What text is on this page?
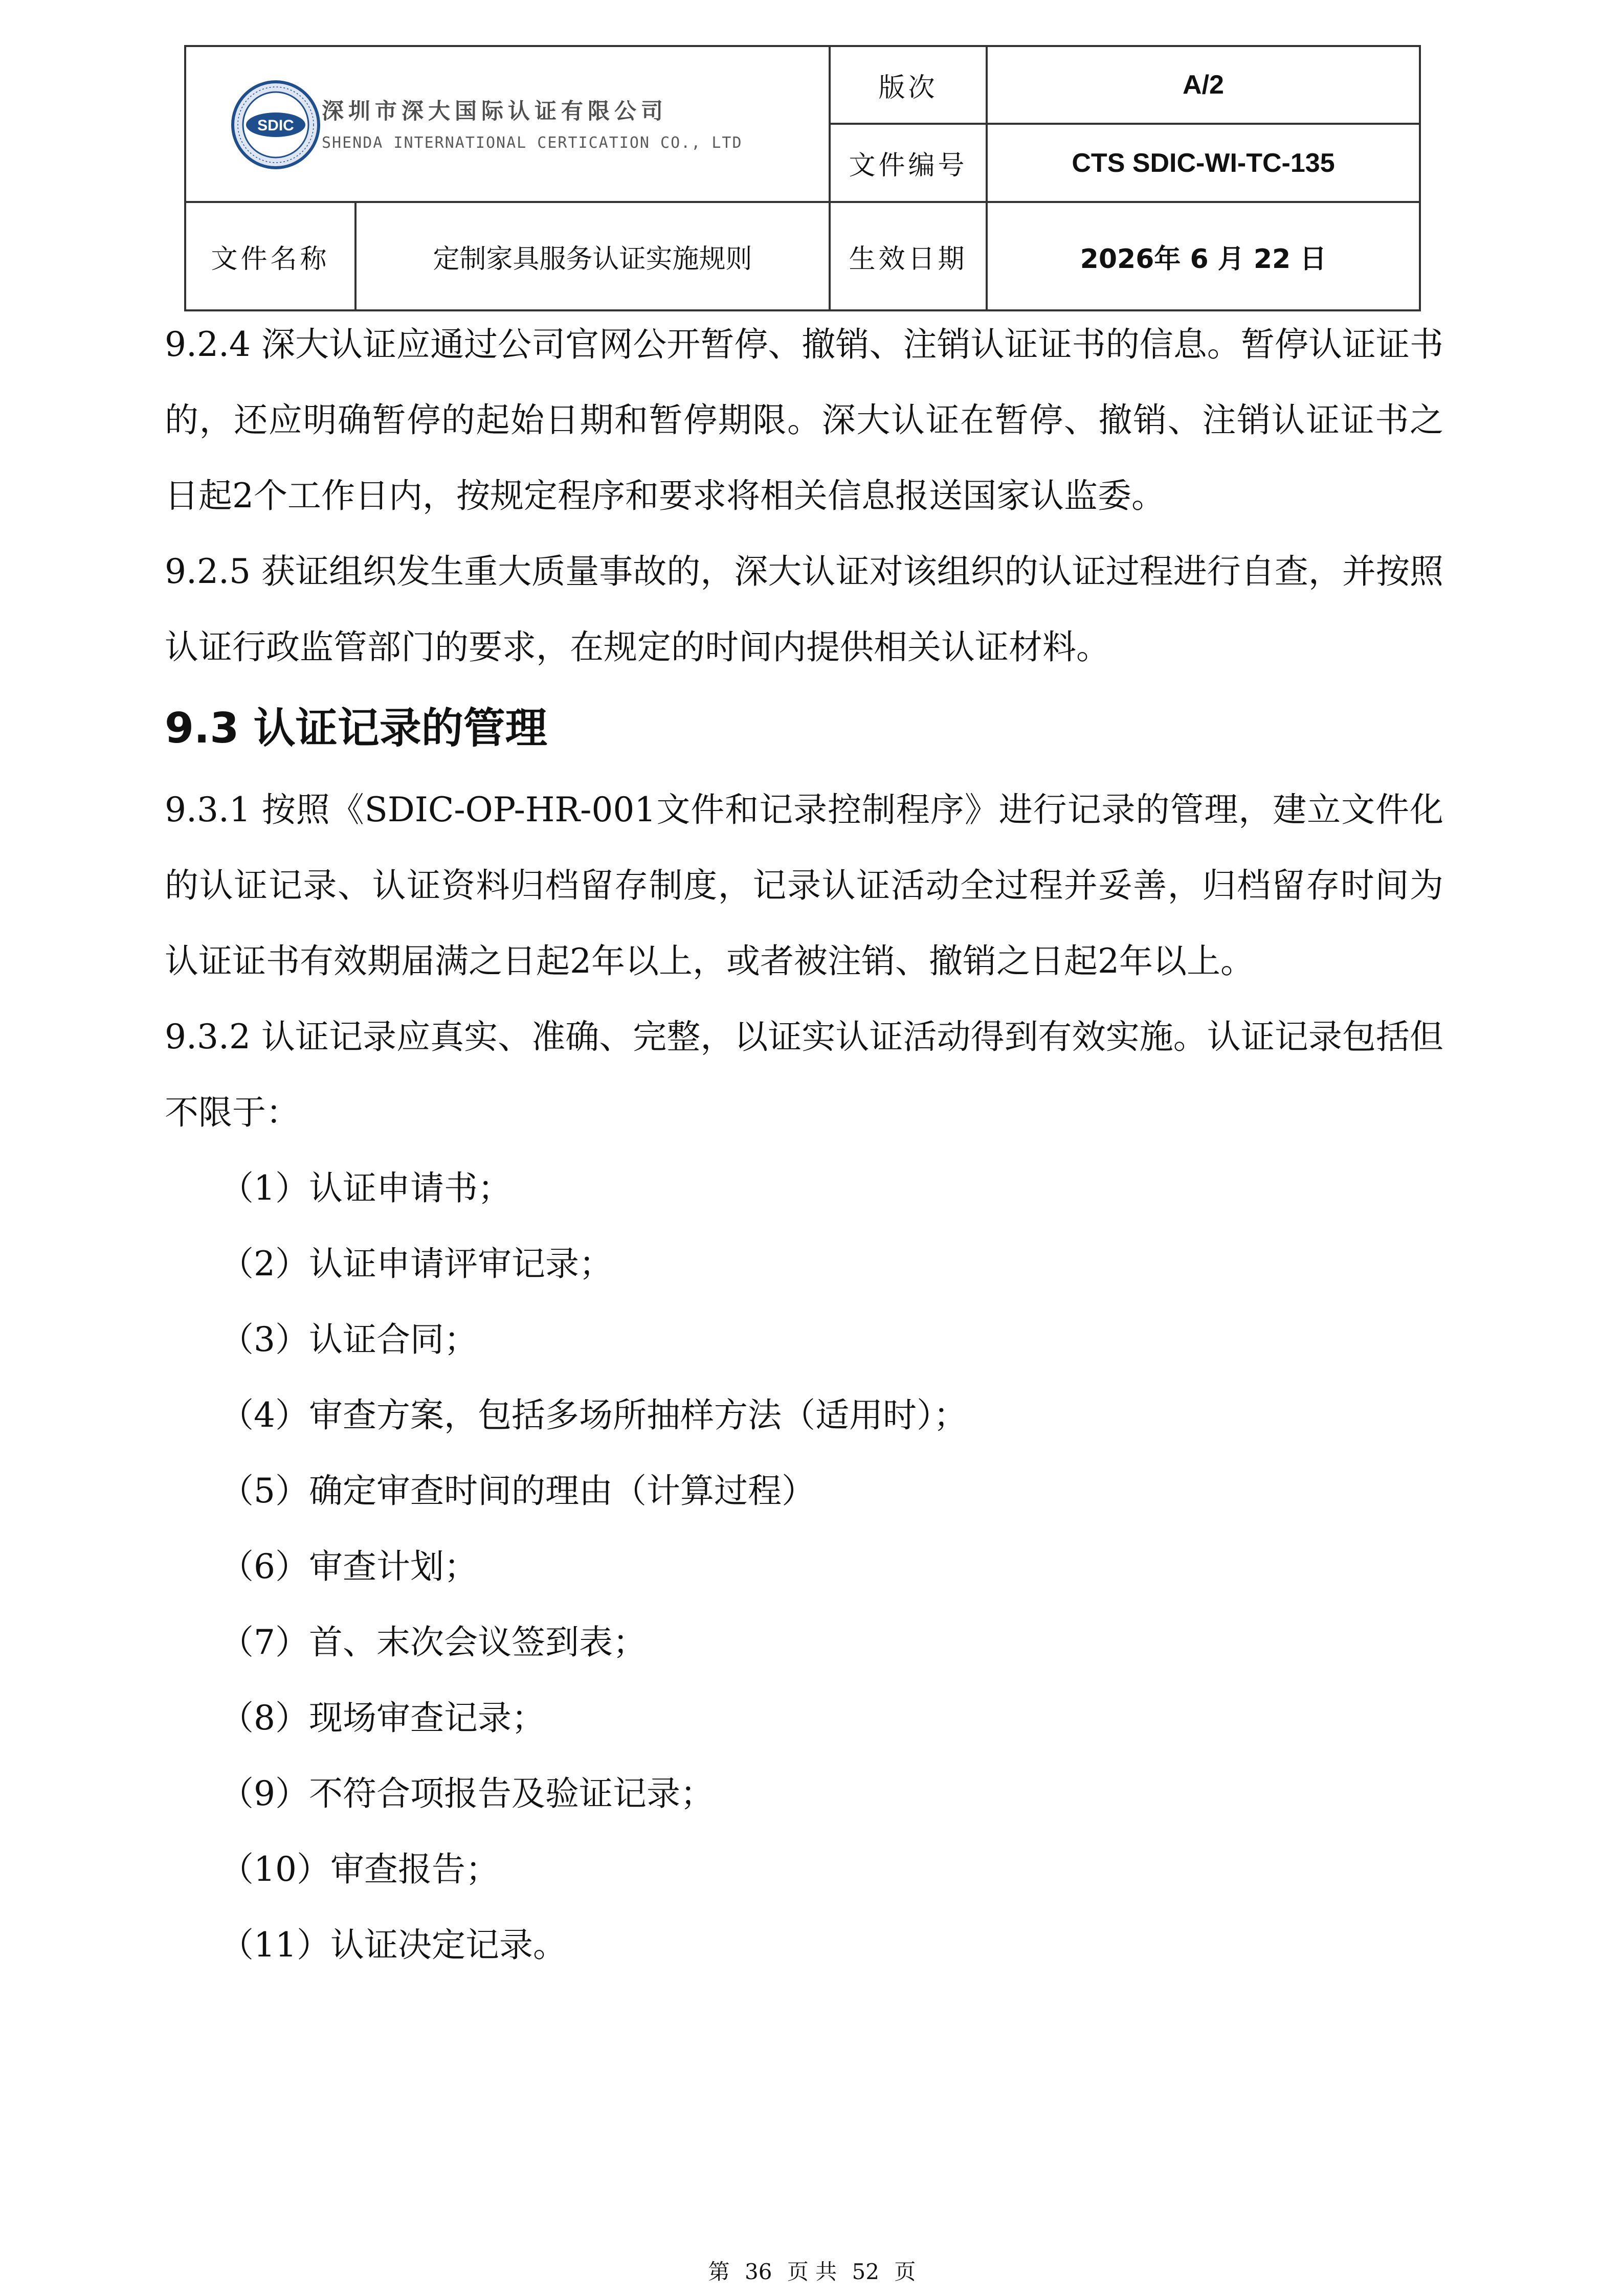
SDIC
深圳市深大国际认证有限公司
SHENDA INTERNATIONAL CERTICATION CO., LTD		版次	A/2
		文件编号	CTS SDIC-WI-TC-135
文件名称	定制家具服务认证实施规则	生效日期	2026年 6 月 22 日

9.2.4 深大认证应通过公司官网公开暂停、撤销、注销认证证书的信息。暂停认证证书的，还应明确暂停的起始日期和暂停期限。深大认证在暂停、撤销、注销认证证书之日起2个工作日内，按规定程序和要求将相关信息报送国家认监委。

9.2.5 获证组织发生重大质量事故的，深大认证对该组织的认证过程进行自查，并按照认证行政监管部门的要求，在规定的时间内提供相关认证材料。

9.3 认证记录的管理

9.3.1 按照《SDIC-OP-HR-001文件和记录控制程序》进行记录的管理，建立文件化的认证记录、认证资料归档留存制度，记录认证活动全过程并妥善，归档留存时间为认证证书有效期届满之日起2年以上，或者被注销、撤销之日起2年以上。

9.3.2 认证记录应真实、准确、完整，以证实认证活动得到有效实施。认证记录包括但不限于：

（1）认证申请书；
（2）认证申请评审记录；
（3）认证合同；
（4）审查方案，包括多场所抽样方法（适用时）；
（5）确定审查时间的理由（计算过程）
（6）审查计划；
（7）首、末次会议签到表；
（8）现场审查记录；
（9）不符合项报告及验证记录；
（10）审查报告；
（11）认证决定记录。
第 36 页 共 52 页
